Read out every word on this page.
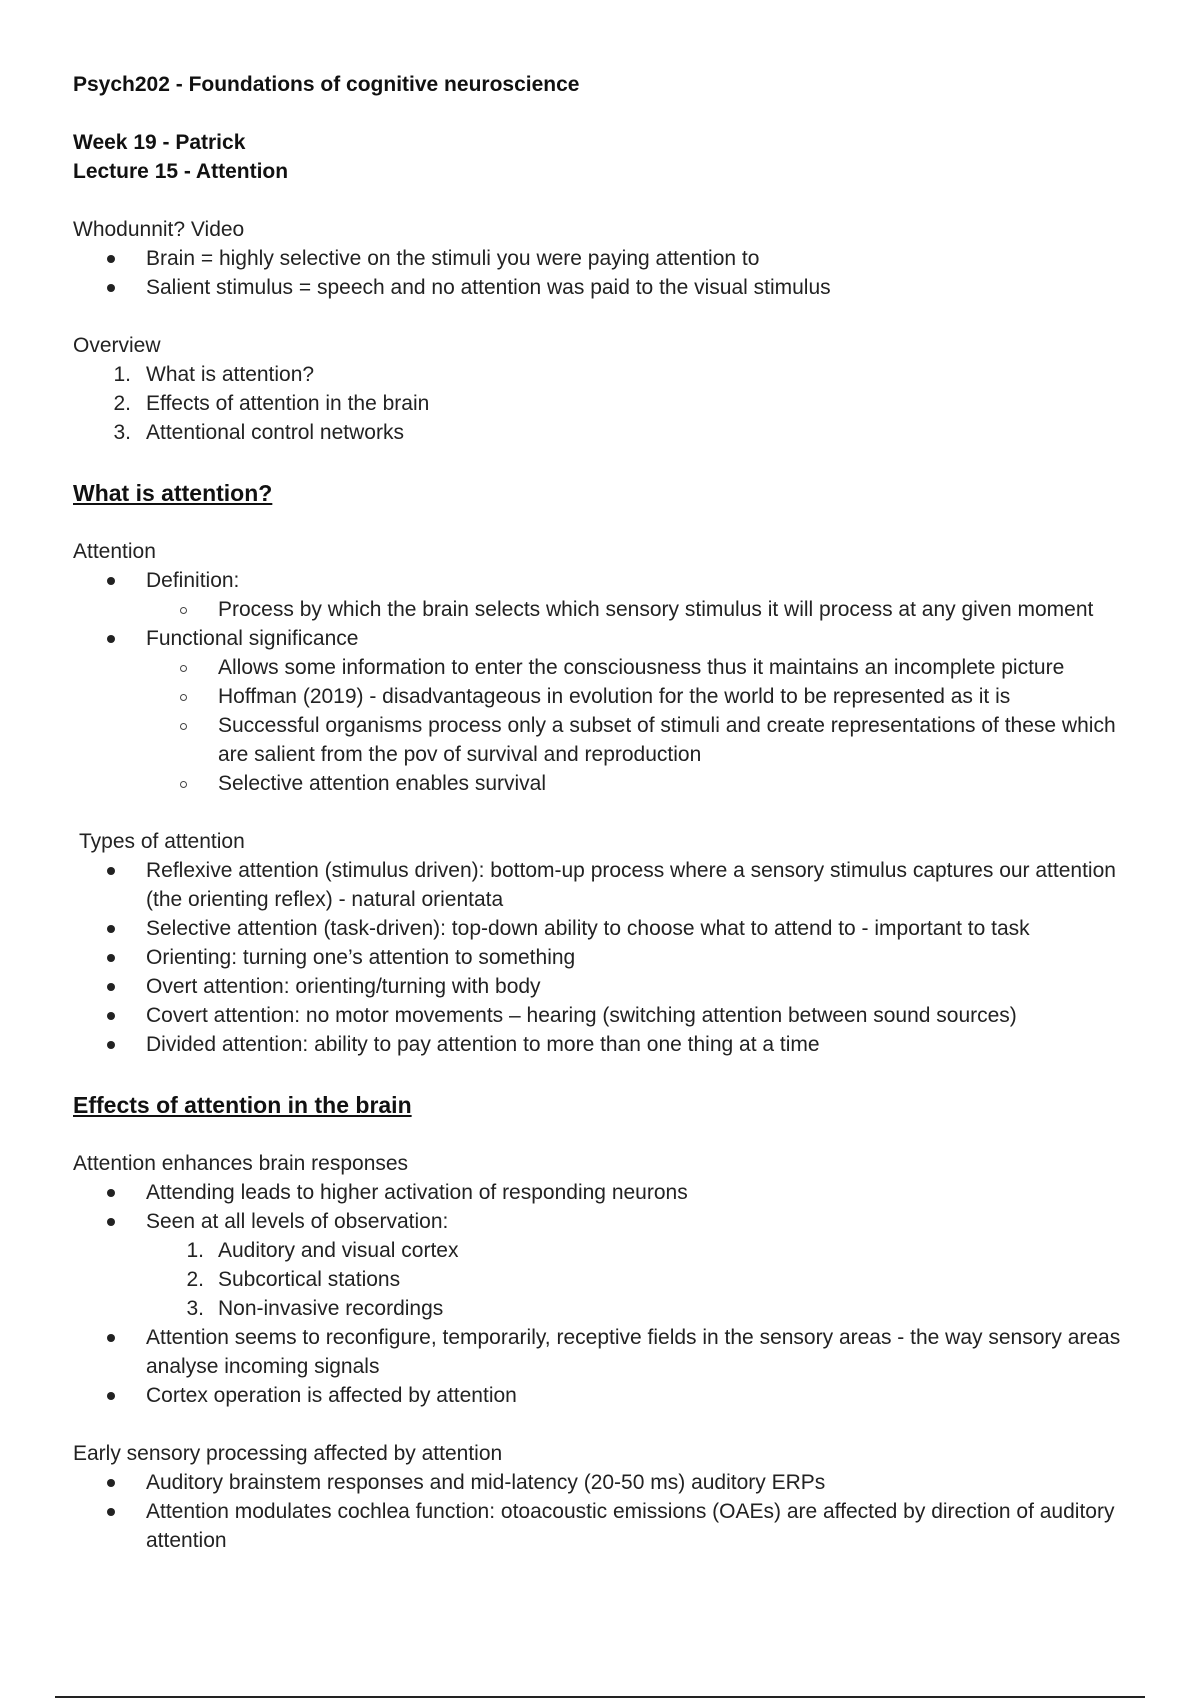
Psych202 - Foundations of cognitive neuroscience
Week 19 - Patrick
Lecture 15 - Attention
Whodunnit? Video
Brain = highly selective on the stimuli you were paying attention to
Salient stimulus = speech and no attention was paid to the visual stimulus
Overview
1. What is attention?
2. Effects of attention in the brain
3. Attentional control networks
What is attention?
Attention
Definition:
Process by which the brain selects which sensory stimulus it will process at any given moment
Functional significance
Allows some information to enter the consciousness thus it maintains an incomplete picture
Hoffman (2019) - disadvantageous in evolution for the world to be represented as it is
Successful organisms process only a subset of stimuli and create representations of these which are salient from the pov of survival and reproduction
Selective attention enables survival
Types of attention
Reflexive attention (stimulus driven): bottom-up process where a sensory stimulus captures our attention (the orienting reflex) - natural orientata
Selective attention (task-driven): top-down ability to choose what to attend to - important to task
Orienting: turning one’s attention to something
Overt attention: orienting/turning with body
Covert attention: no motor movements – hearing (switching attention between sound sources)
Divided attention: ability to pay attention to more than one thing at a time
Effects of attention in the brain
Attention enhances brain responses
Attending leads to higher activation of responding neurons
Seen at all levels of observation:
1. Auditory and visual cortex
2. Subcortical stations
3. Non-invasive recordings
Attention seems to reconfigure, temporarily, receptive fields in the sensory areas - the way sensory areas analyse incoming signals
Cortex operation is affected by attention
Early sensory processing affected by attention
Auditory brainstem responses and mid-latency (20-50 ms) auditory ERPs
Attention modulates cochlea function: otoacoustic emissions (OAEs) are affected by direction of auditory attention
